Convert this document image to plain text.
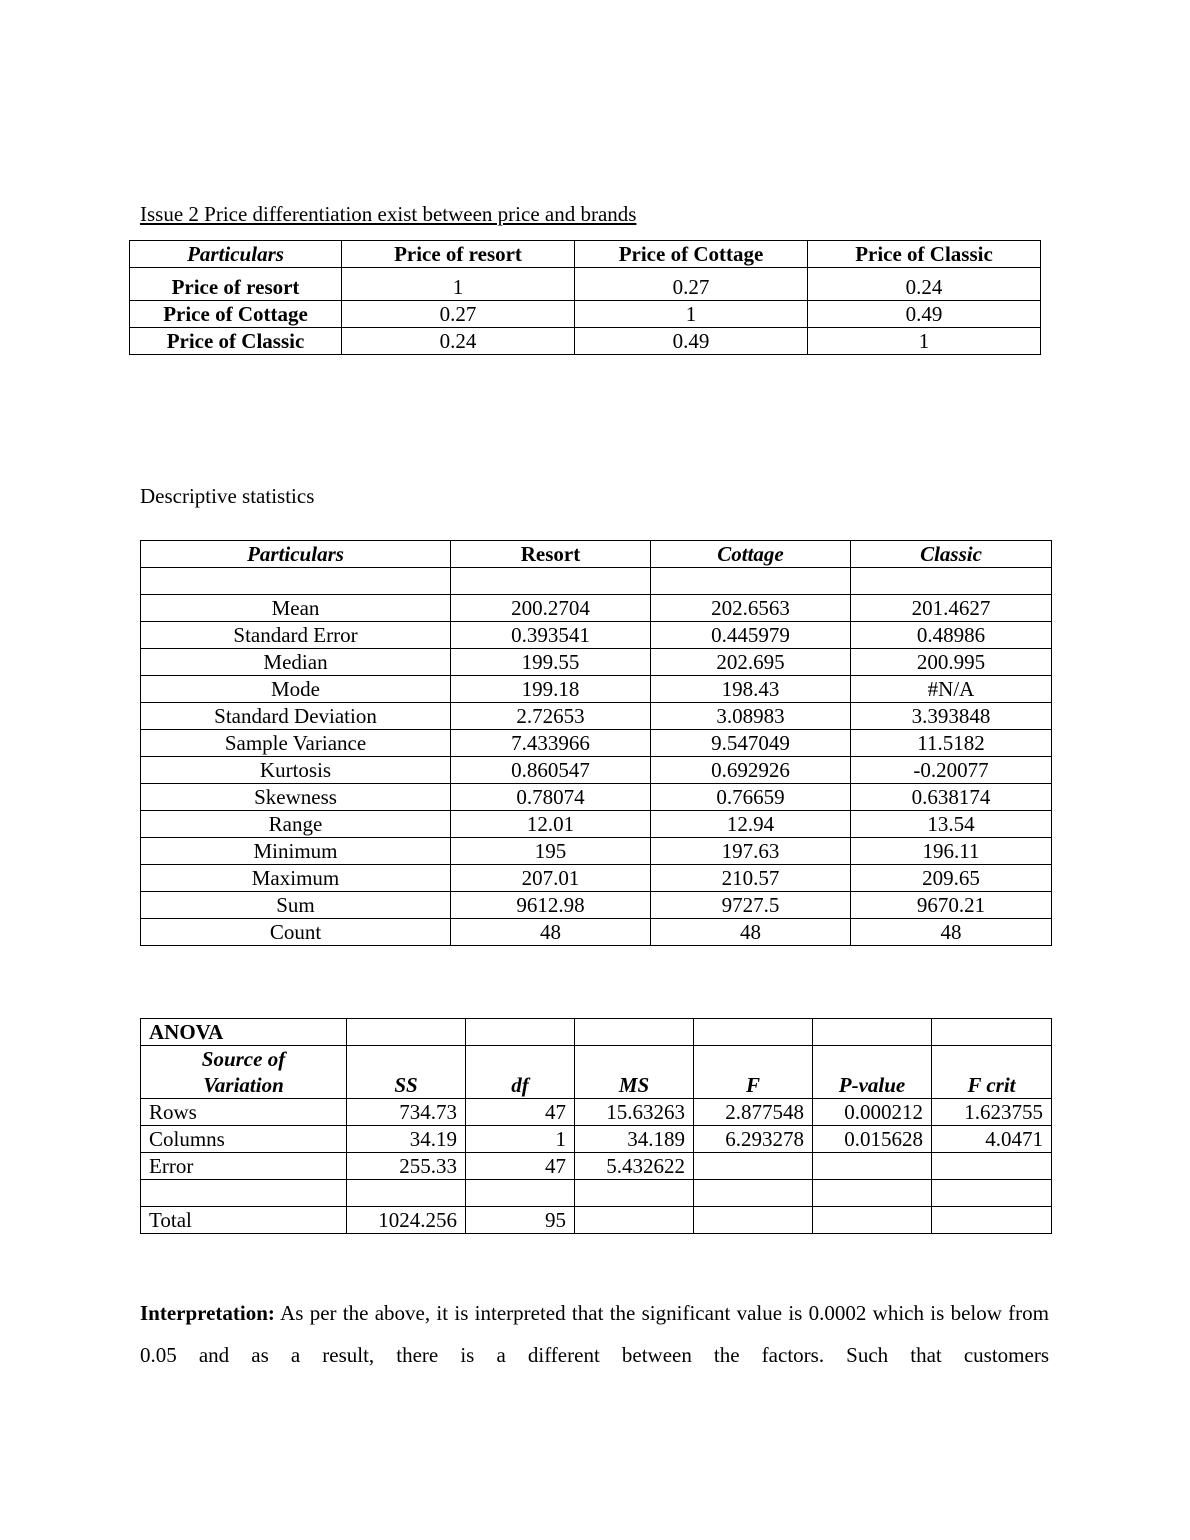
Issue 2 Price differentiation exist between price and brands
Particulars	Price of resort	Price of Cottage	Price of Classic
Price of resort	1	0.27	0.24
Price of Cottage	0.27	1	0.49
Price of Classic	0.24	0.49	1
Descriptive statistics
Particulars	Resort	Cottage	Classic

Mean	200.2704	202.6563	201.4627
Standard Error	0.393541	0.445979	0.48986
Median	199.55	202.695	200.995
Mode	199.18	198.43	#N/A
Standard Deviation	2.72653	3.08983	3.393848
Sample Variance	7.433966	9.547049	11.5182
Kurtosis	0.860547	0.692926	-0.20077
Skewness	0.78074	0.76659	0.638174
Range	12.01	12.94	13.54
Minimum	195	197.63	196.11
Maximum	207.01	210.57	209.65
Sum	9612.98	9727.5	9670.21
Count	48	48	48
ANOVA						
Source of
Variation	SS	df	MS	F	P-value	F crit
Rows	734.73	47	15.63263	2.877548	0.000212	1.623755
Columns	34.19	1	34.189	6.293278	0.015628	4.0471
Error	255.33	47	5.432622			

Total	1024.256	95				
Interpretation: As per the above, it is interpreted that the significant value is 0.0002 which is below from 0.05 and as a result, there is a different between the factors. Such that customers
